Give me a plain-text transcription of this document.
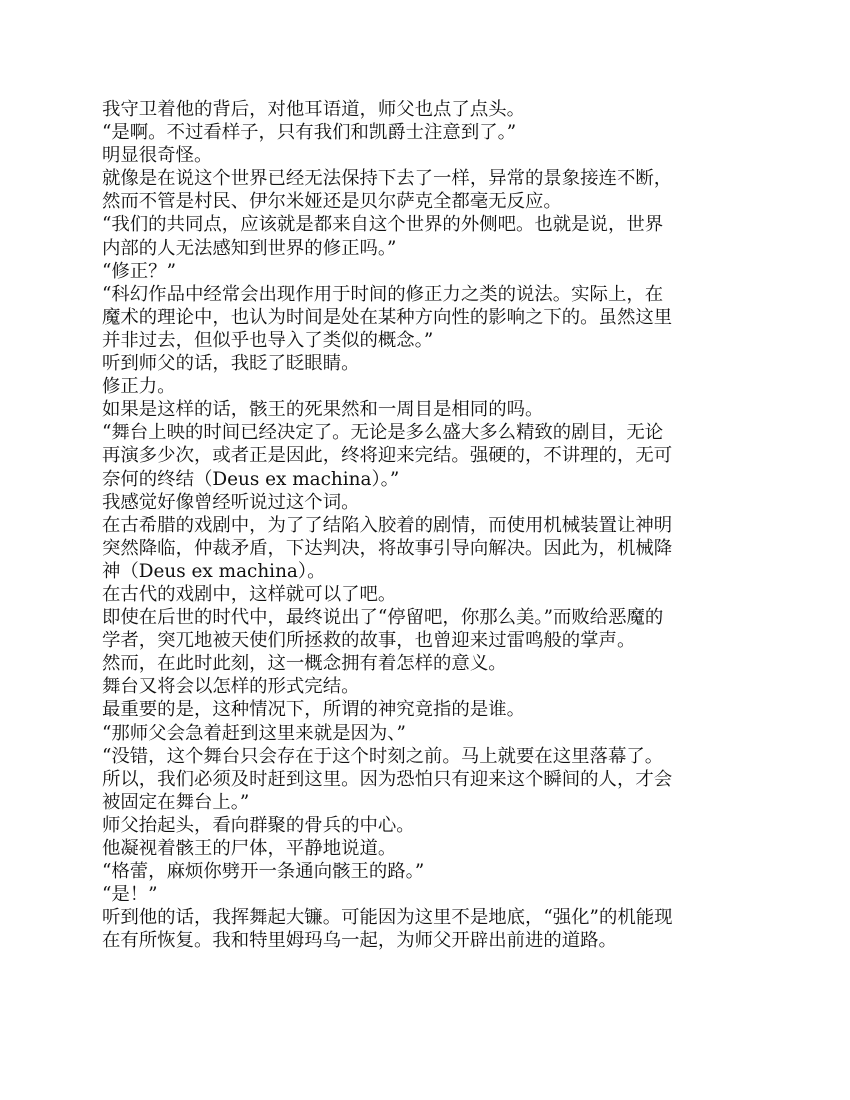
我守卫着他的背后，对他耳语道，师父也点了点头。

“是啊。不过看样子，只有我们和凯爵士注意到了。”

明显很奇怪。

就像是在说这个世界已经无法保持下去了一样，异常的景象接连不断，
然而不管是村民、伊尔米娅还是贝尔萨克全都毫无反应。

“我们的共同点，应该就是都来自这个世界的外侧吧。也就是说，世界
内部的人无法感知到世界的修正吗。”

“修正？”

“科幻作品中经常会出现作用于时间的修正力之类的说法。实际上，在
魔术的理论中，也认为时间是处在某种方向性的影响之下的。虽然这里
并非过去，但似乎也导入了类似的概念。”

听到师父的话，我眨了眨眼睛。

修正力。

如果是这样的话，骸王的死果然和一周目是相同的吗。

“舞台上映的时间已经决定了。无论是多么盛大多么精致的剧目，无论
再演多少次，或者正是因此，终将迎来完结。强硬的，不讲理的，无可
奈何的终结（Deus ex machina）。”

我感觉好像曾经听说过这个词。

在古希腊的戏剧中，为了了结陷入胶着的剧情，而使用机械装置让神明
突然降临，仲裁矛盾，下达判决，将故事引导向解决。因此为，机械降
神（Deus ex machina）。

在古代的戏剧中，这样就可以了吧。

即使在后世的时代中，最终说出了“停留吧，你那么美。”而败给恶魔的
学者，突兀地被天使们所拯救的故事，也曾迎来过雷鸣般的掌声。

然而，在此时此刻，这一概念拥有着怎样的意义。

舞台又将会以怎样的形式完结。

最重要的是，这种情况下，所谓的神究竟指的是谁。

“那师父会急着赶到这里来就是因为、”

“没错，这个舞台只会存在于这个时刻之前。马上就要在这里落幕了。
所以，我们必须及时赶到这里。因为恐怕只有迎来这个瞬间的人，才会
被固定在舞台上。”

师父抬起头，看向群聚的骨兵的中心。

他凝视着骸王的尸体，平静地说道。

“格蕾，麻烦你劈开一条通向骸王的路。”

“是！”

听到他的话，我挥舞起大镰。可能因为这里不是地底，“强化”的机能现
在有所恢复。我和特里姆玛乌一起，为师父开辟出前进的道路。
